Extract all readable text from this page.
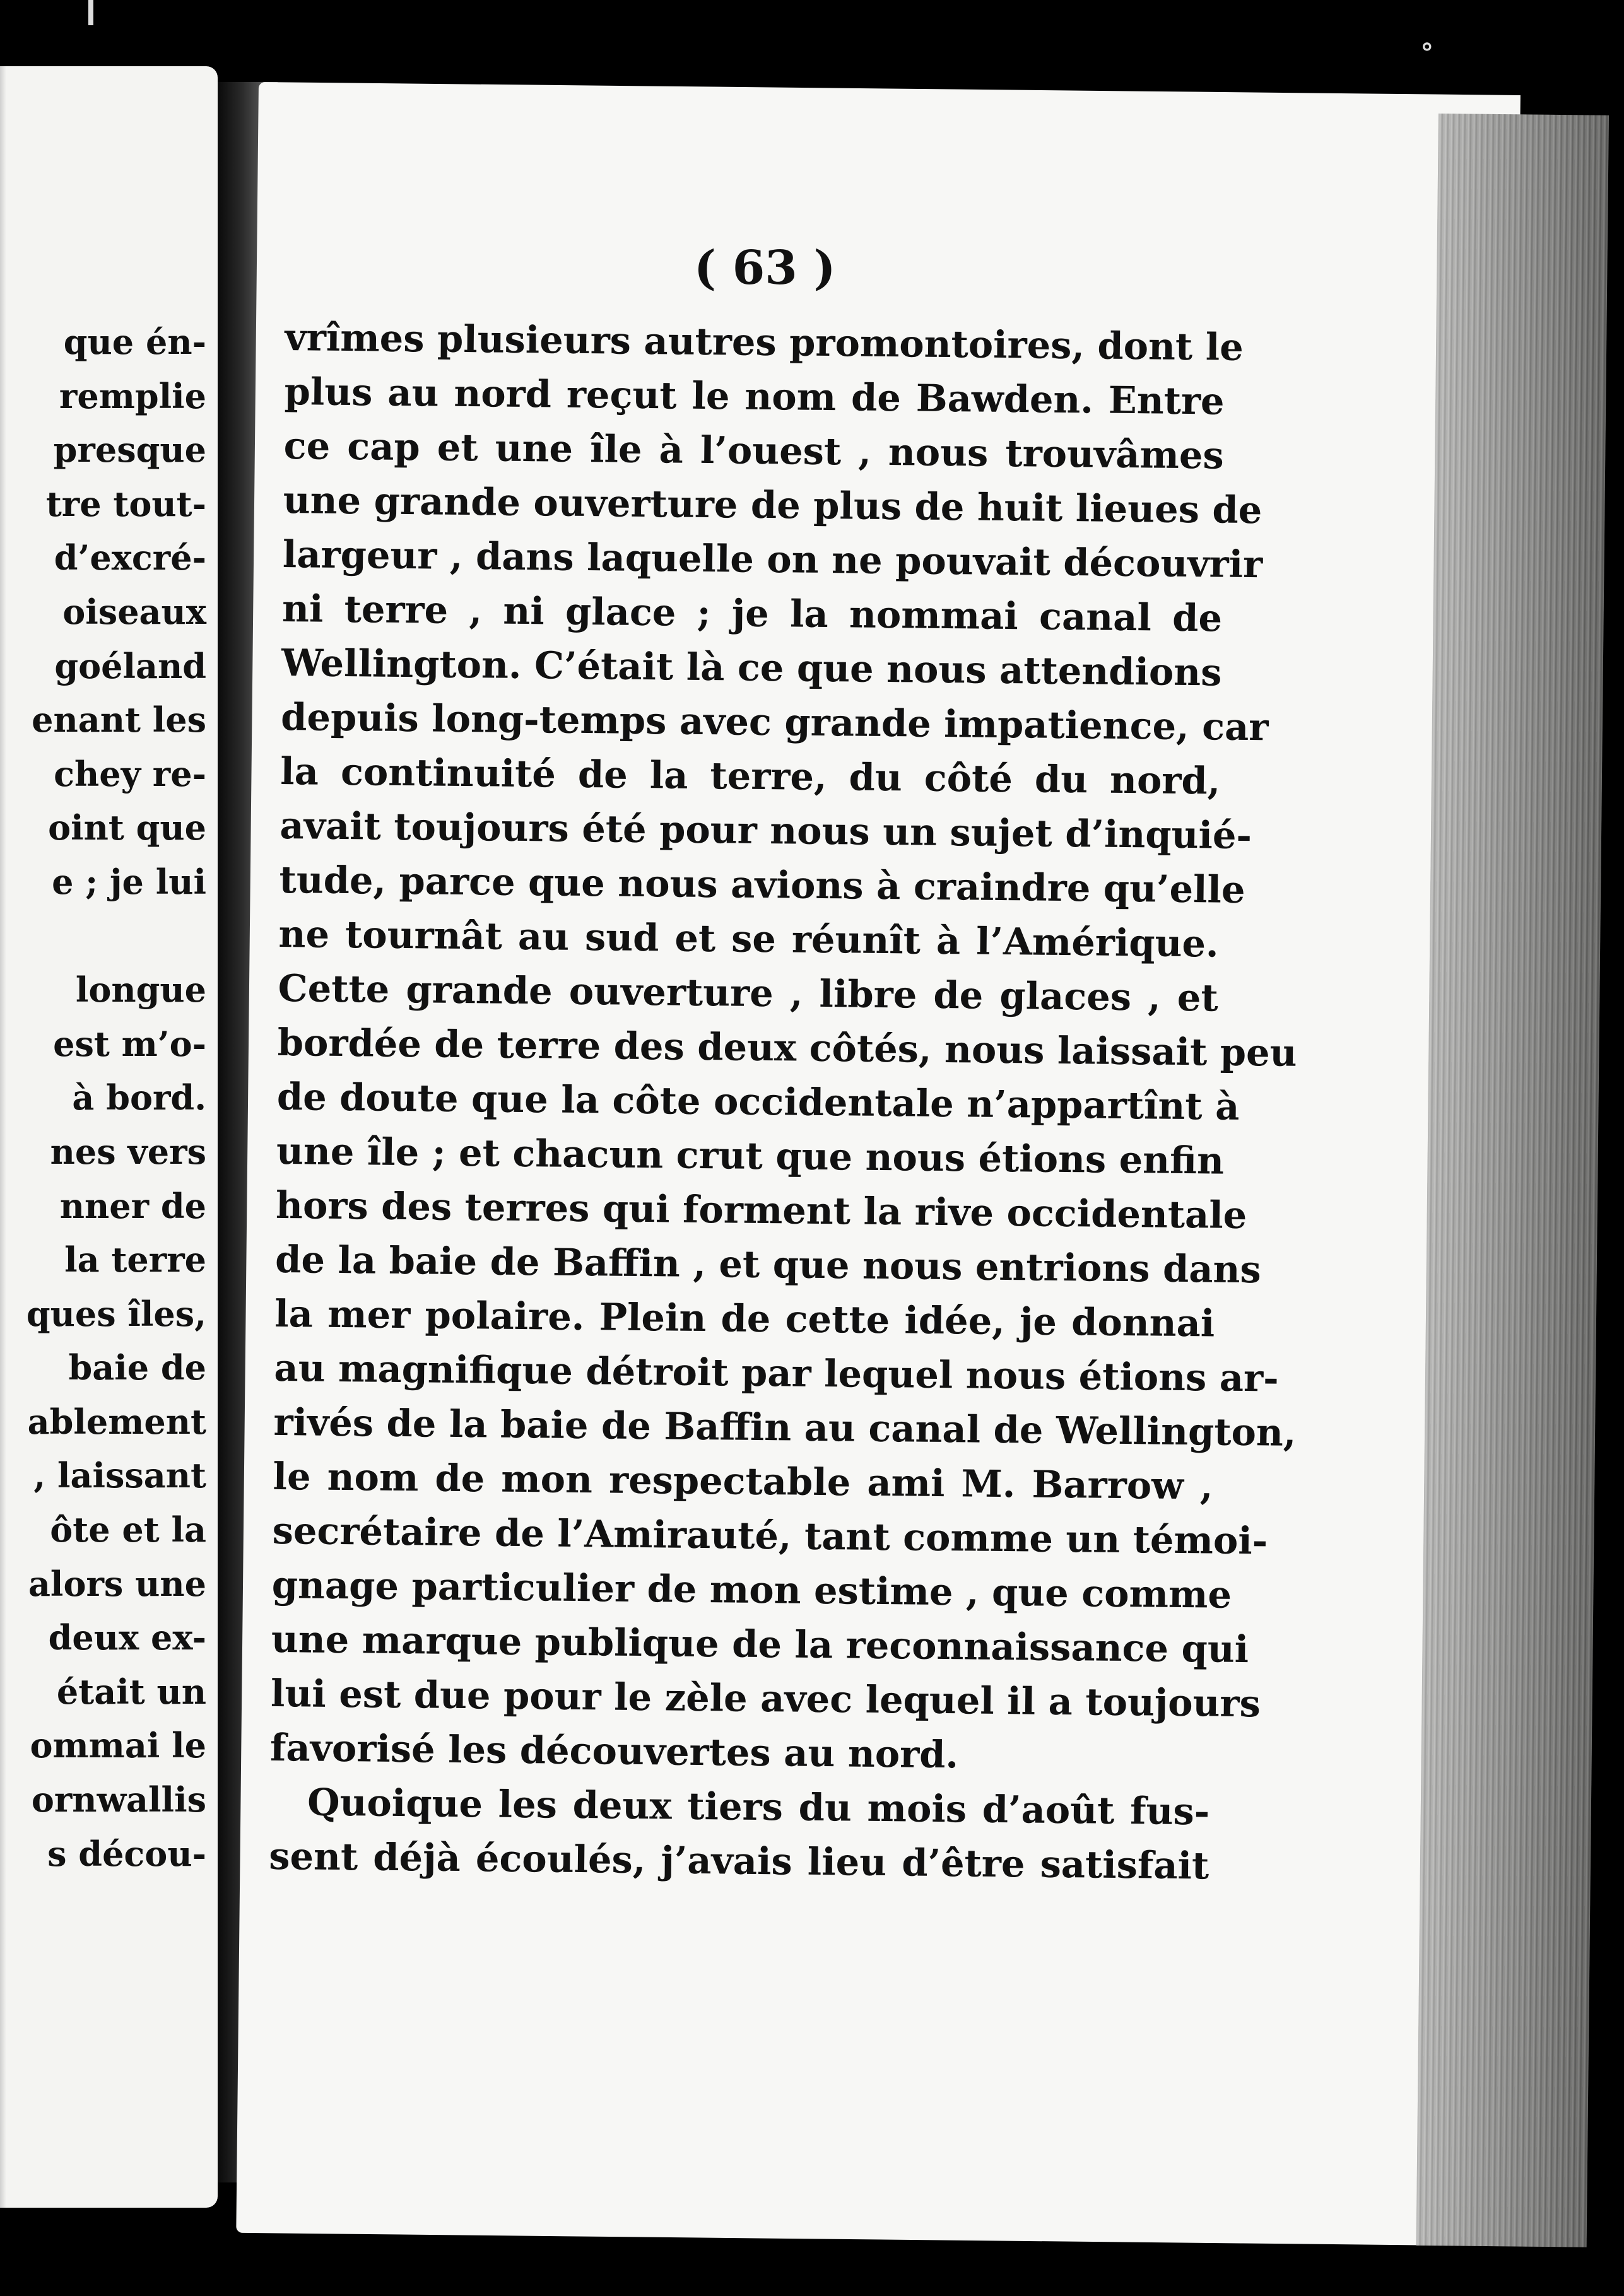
∘
que én-
remplie
presque
tre tout-
d’excré-
oiseaux
goéland
enant les
chey re-
oint que
e ; je lui

longue
est m’o-
à bord.
nes vers
nner de
la terre
ques îles,
baie de
ablement
, laissant
ôte et la
alors une
deux ex-
était un
ommai le
ornwallis
s décou-
( 63 )
vrîmes plusieurs autres promontoires, dont le
plus au nord reçut le nom de Bawden. Entre
ce cap et une île à l’ouest , nous trouvâmes
une grande ouverture de plus de huit lieues de
largeur , dans laquelle on ne pouvait découvrir
ni terre , ni glace ; je la nommai canal de
Wellington. C’était là ce que nous attendions
depuis long-temps avec grande impatience, car
la continuité de la terre, du côté du nord,
avait toujours été pour nous un sujet d’inquié-
tude, parce que nous avions à craindre qu’elle
ne tournât au sud et se réunît à l’Amérique.
Cette grande ouverture , libre de glaces , et
bordée de terre des deux côtés, nous laissait peu
de doute que la côte occidentale n’appartînt à
une île ; et chacun crut que nous étions enfin
hors des terres qui forment la rive occidentale
de la baie de Baffin , et que nous entrions dans
la mer polaire. Plein de cette idée, je donnai
au magnifique détroit par lequel nous étions ar-
rivés de la baie de Baffin au canal de Wellington,
le nom de mon respectable ami M. Barrow ,
secrétaire de l’Amirauté, tant comme un témoi-
gnage particulier de mon estime , que comme
une marque publique de la reconnaissance qui
lui est due pour le zèle avec lequel il a toujours
favorisé les découvertes au nord.
Quoique les deux tiers du mois d’août fus-
sent déjà écoulés, j’avais lieu d’être satisfait
